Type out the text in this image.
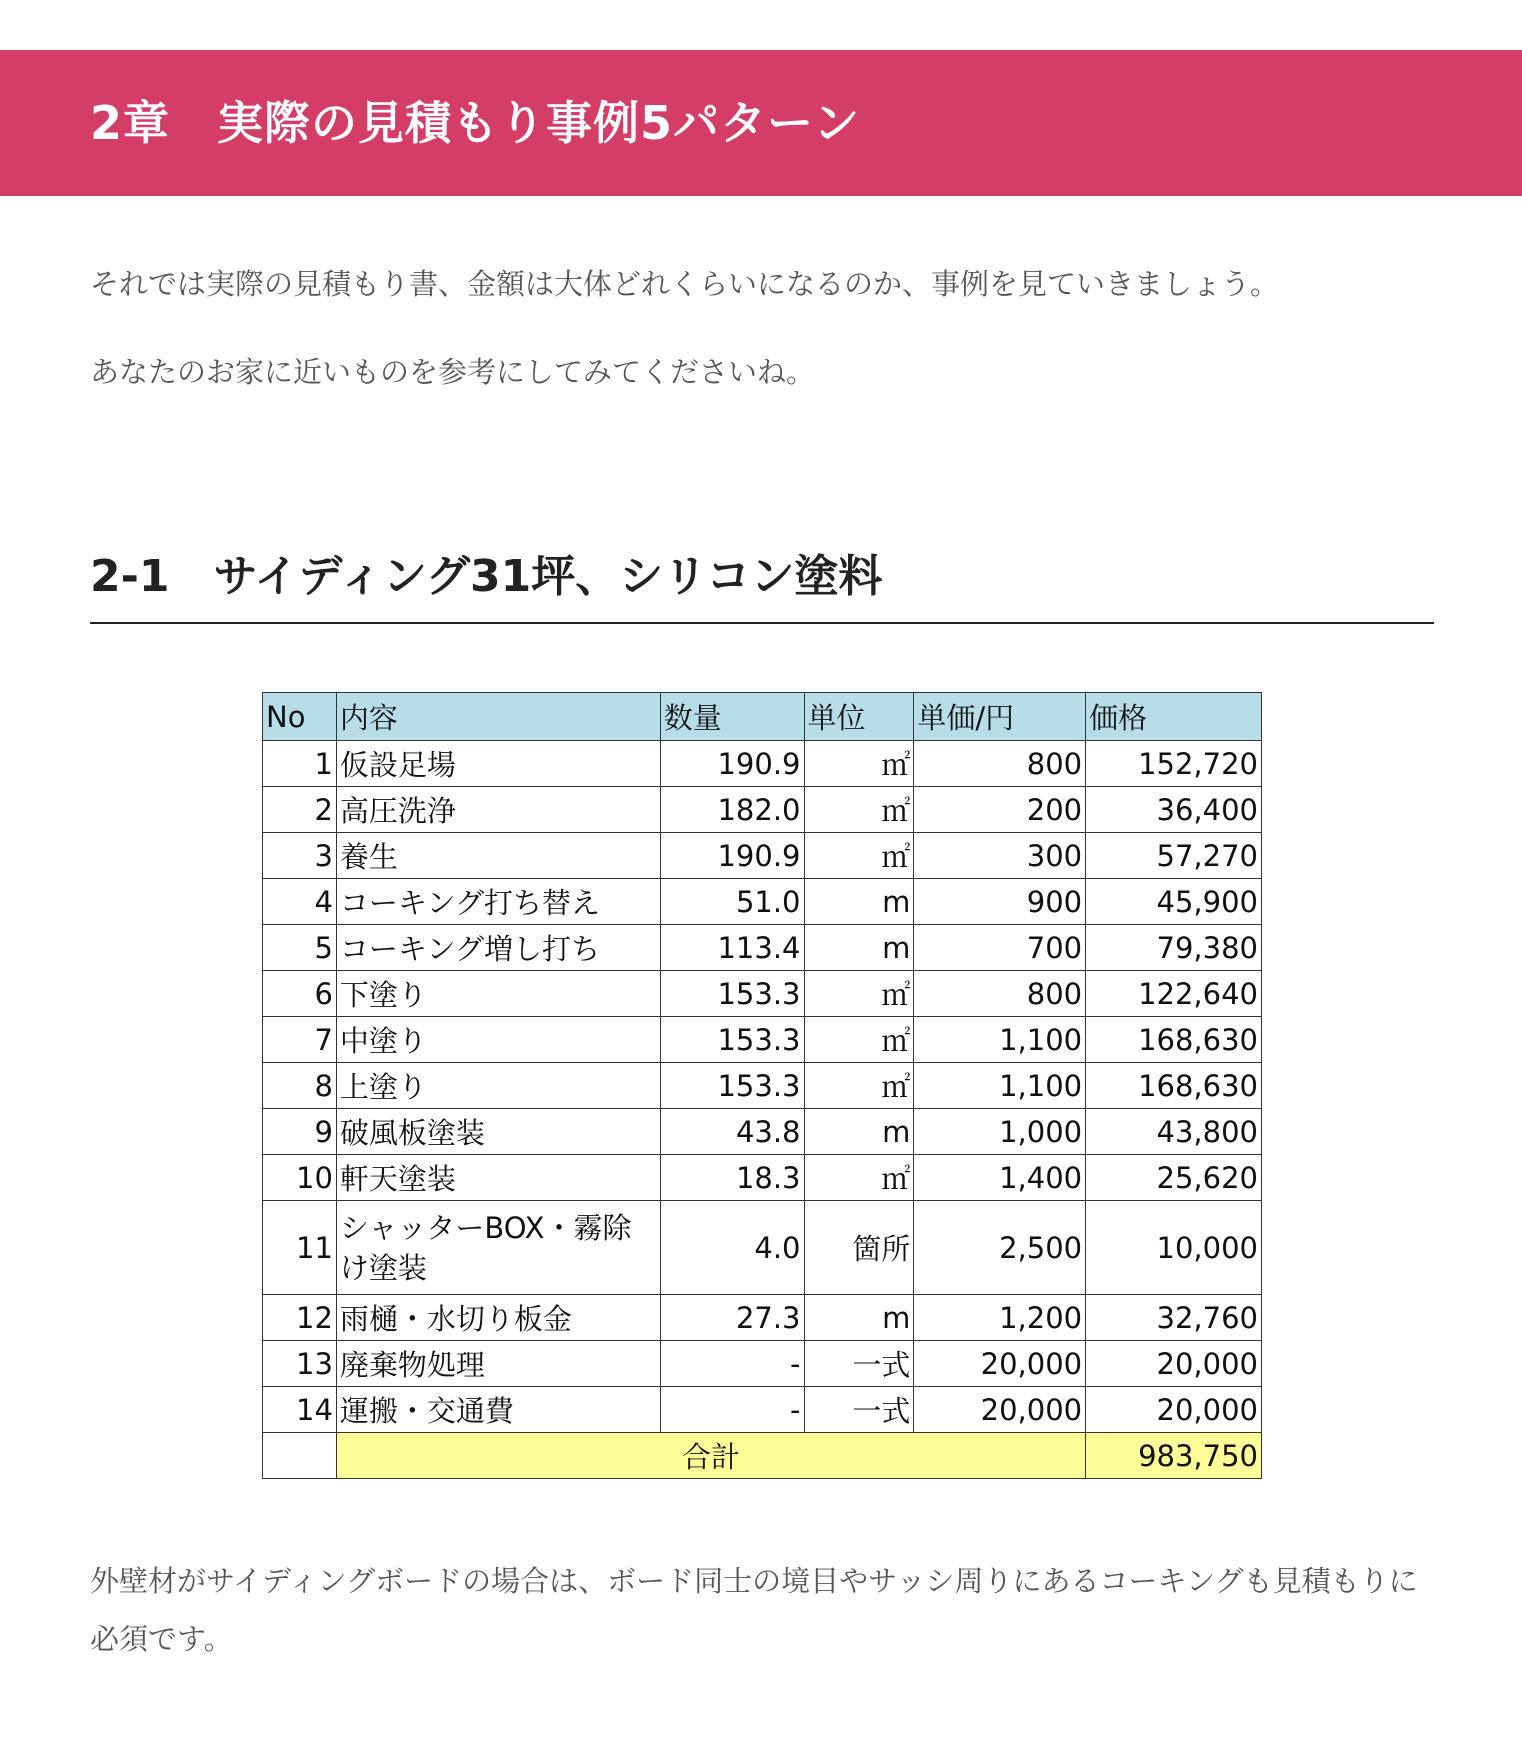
2章　実際の見積もり事例5パターン

それでは実際の見積もり書、金額は大体どれくらいになるのか、事例を見ていきましょう。

あなたのお家に近いものを参考にしてみてくださいね。

2-1　サイディング31坪、シリコン塗料
No	内容	数量	単位	単価/円	価格
1	仮設足場	190.9	㎡	800	152,720
2	高圧洗浄	182.0	㎡	200	36,400
3	養生	190.9	㎡	300	57,270
4	コーキング打ち替え	51.0	m	900	45,900
5	コーキング増し打ち	113.4	m	700	79,380
6	下塗り	153.3	㎡	800	122,640
7	中塗り	153.3	㎡	1,100	168,630
8	上塗り	153.3	㎡	1,100	168,630
9	破風板塗装	43.8	m	1,000	43,800
10	軒天塗装	18.3	㎡	1,400	25,620
11	シャッターBOX・霧除け塗装	4.0	箇所	2,500	10,000
12	雨樋・水切り板金	27.3	m	1,200	32,760
13	廃棄物処理	-	一式	20,000	20,000
14	運搬・交通費	-	一式	20,000	20,000
	合計				983,750

外壁材がサイディングボードの場合は、ボード同士の境目やサッシ周りにあるコーキングも見積もりに必須です。
